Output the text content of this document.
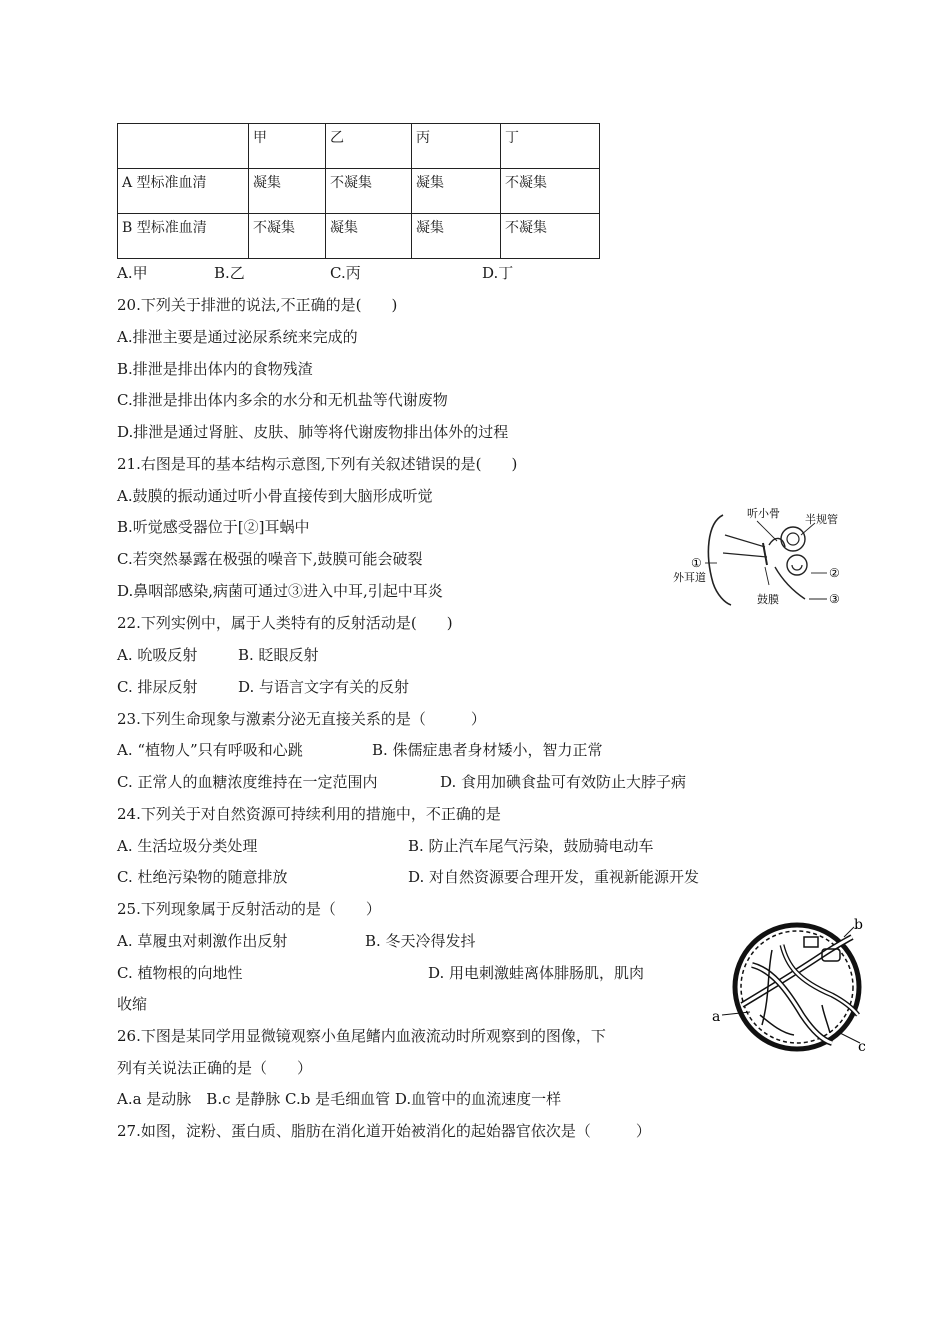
	甲	乙	丙	丁
A 型标准血清	凝集	不凝集	凝集	不凝集
B 型标准血清	不凝集	凝集	凝集	不凝集
A.甲	B.乙	C.丙	D.丁
20.下列关于排泄的说法,不正确的是(　　)
A.排泄主要是通过泌尿系统来完成的
B.排泄是排出体内的食物残渣
C.排泄是排出体内多余的水分和无机盐等代谢废物
D.排泄是通过肾脏、皮肤、肺等将代谢废物排出体外的过程
21.右图是耳的基本结构示意图,下列有关叙述错误的是(　　)
A.鼓膜的振动通过听小骨直接传到大脑形成听觉
B.听觉感受器位于[②]耳蜗中
C.若突然暴露在极强的噪音下,鼓膜可能会破裂
D.鼻咽部感染,病菌可通过③进入中耳,引起中耳炎
听小骨 半规管
①
外耳道	②
③
鼓膜
22.下列实例中，属于人类特有的反射活动是(　　)
A. 吮吸反射	B. 眨眼反射
C. 排尿反射	D. 与语言文字有关的反射
23.下列生命现象与激素分泌无直接关系的是（　　　）
A. “植物人”只有呼吸和心跳	B. 侏儒症患者身材矮小，智力正常
C. 正常人的血糖浓度维持在一定范围内	D. 食用加碘食盐可有效防止大脖子病
24.下列关于对自然资源可持续利用的措施中，不正确的是
A. 生活垃圾分类处理	B. 防止汽车尾气污染，鼓励骑电动车
C. 杜绝污染物的随意排放	D. 对自然资源要合理开发，重视新能源开发
25.下列现象属于反射活动的是（　　）
A. 草履虫对刺激作出反射	B. 冬天冷得发抖
C. 植物根的向地性	D. 用电刺激蛙离体腓肠肌，肌肉
收缩
b
a
c
26.下图是某同学用显微镜观察小鱼尾鳍内血液流动时所观察到的图像，下
列有关说法正确的是（　　）
A.a 是动脉　B.c 是静脉 C.b 是毛细血管 D.血管中的血流速度一样
27.如图，淀粉、蛋白质、脂肪在消化道开始被消化的起始器官依次是（　　　）
